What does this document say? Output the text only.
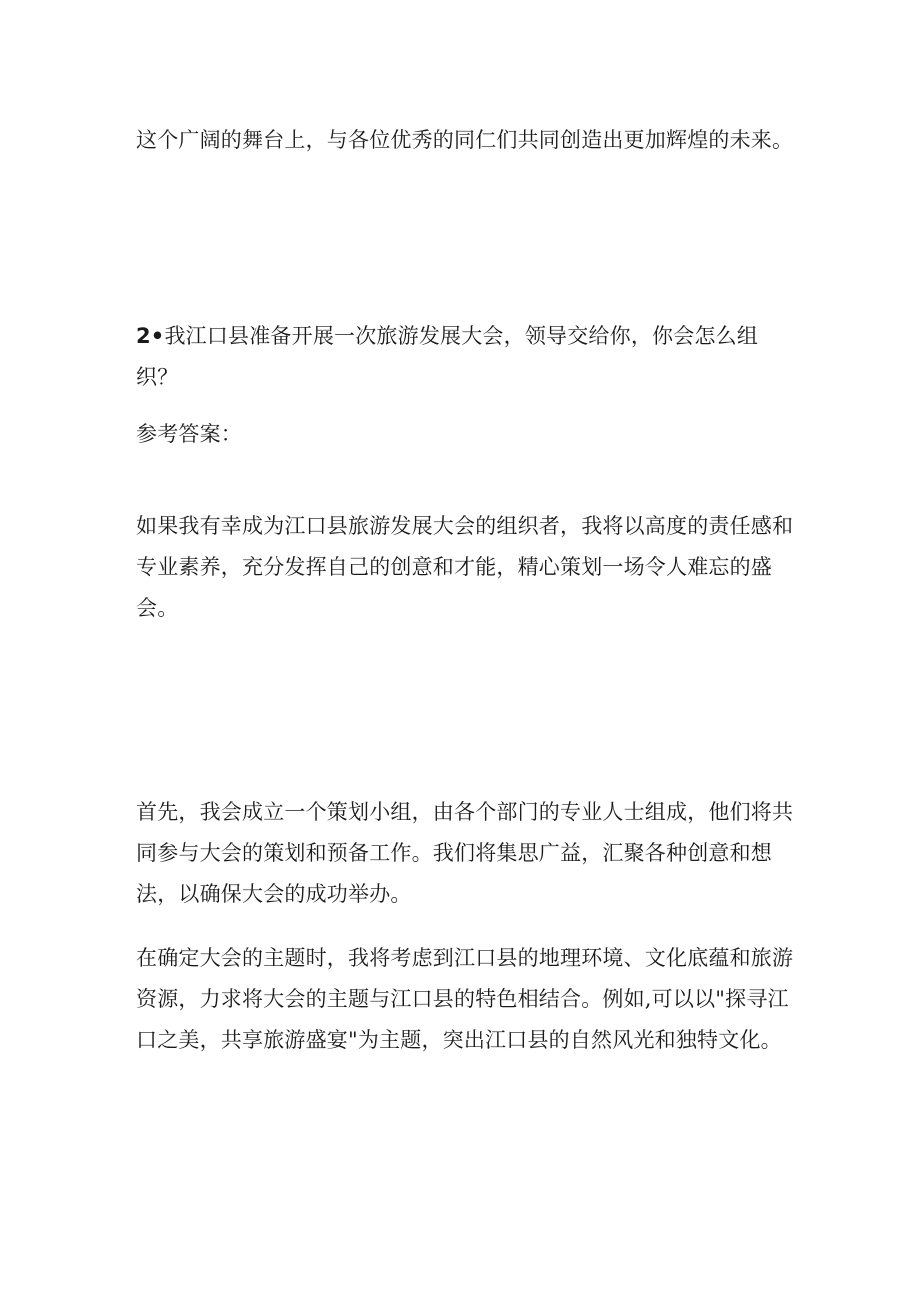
这个广阔的舞台上，与各位优秀的同仁们共同创造出更加辉煌的未来。

2•我江口县准备开展一次旅游发展大会，领导交给你，你会怎么组织？

参考答案：

如果我有幸成为江口县旅游发展大会的组织者，我将以高度的责任感和专业素养，充分发挥自己的创意和才能，精心策划一场令人难忘的盛会。

首先，我会成立一个策划小组，由各个部门的专业人士组成，他们将共同参与大会的策划和预备工作。我们将集思广益，汇聚各种创意和想法，以确保大会的成功举办。

在确定大会的主题时，我将考虑到江口县的地理环境、文化底蕴和旅游资源，力求将大会的主题与江口县的特色相结合。例如,可以以"探寻江口之美，共享旅游盛宴"为主题，突出江口县的自然风光和独特文化。
